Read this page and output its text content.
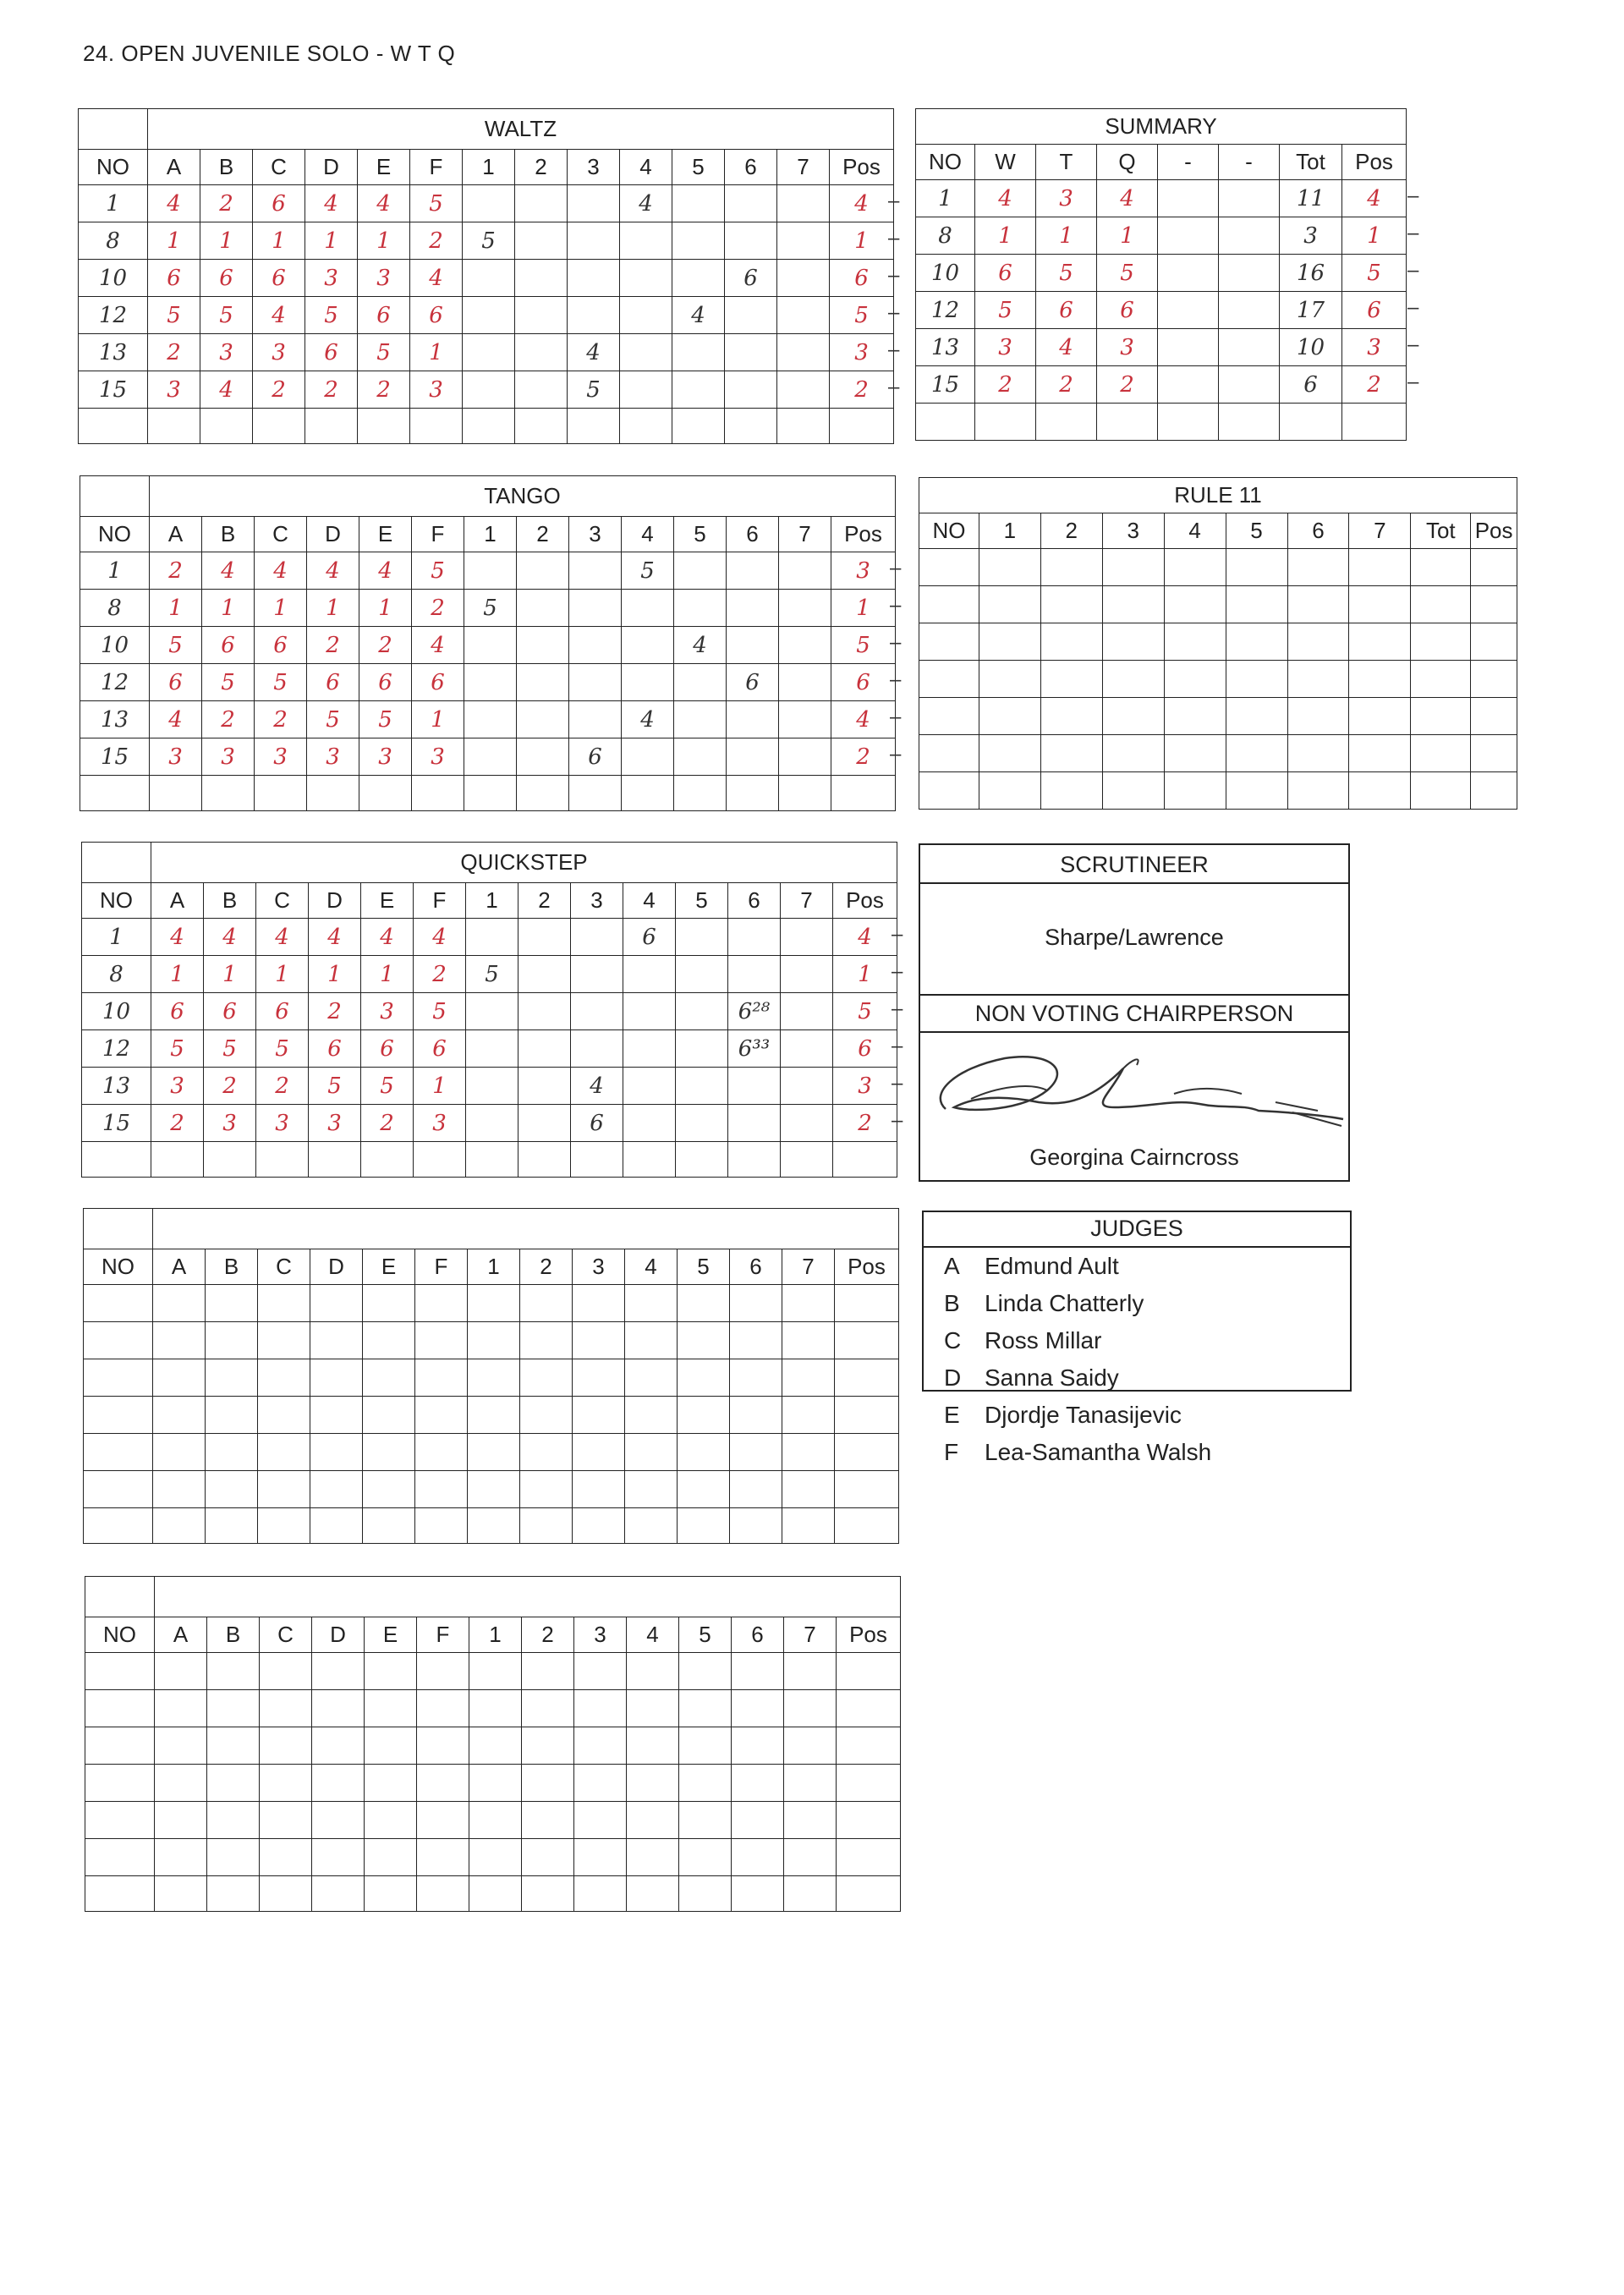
24. OPEN JUVENILE SOLO - W T Q
	WALTZ													
NO	A	B	C	D	E	F	1	2	3	4	5	6	7	Pos
1	4	2	6	4	4	5				4				4
8	1	1	1	1	1	2	5							1
10	6	6	6	3	3	4						6		6
12	5	5	4	5	6	6					4			5
13	2	3	3	6	5	1			4					3
15	3	4	2	2	2	3			5					2

	TANGO													
NO	A	B	C	D	E	F	1	2	3	4	5	6	7	Pos
1	2	4	4	4	4	5				5				3
8	1	1	1	1	1	2	5							1
10	5	6	6	2	2	4					4			5
12	6	5	5	6	6	6						6		6
13	4	2	2	5	5	1				4				4
15	3	3	3	3	3	3			6					2

	QUICKSTEP													
NO	A	B	C	D	E	F	1	2	3	4	5	6	7	Pos
1	4	4	4	4	4	4				6				4
8	1	1	1	1	1	2	5							1
10	6	6	6	2	3	5						6²⁸		5
12	5	5	5	6	6	6						6³³		6
13	3	2	2	5	5	1			4					3
15	2	3	3	3	2	3			6					2

NO	A	B	C	D	E	F	1	2	3	4	5	6	7	Pos

NO	A	B	C	D	E	F	1	2	3	4	5	6	7	Pos

SUMMARY							
NO	W	T	Q	-	-	Tot	Pos
1	4	3	4			11	4
8	1	1	1			3	1
10	6	5	5			16	5
12	5	6	6			17	6
13	3	4	3			10	3
15	2	2	2			6	2

RULE 11									
NO	1	2	3	4	5	6	7	Tot	Pos

SCRUTINEER
Sharpe/Lawrence
NON VOTING CHAIRPERSON
Georgina Cairncross
JUDGES
A Edmund Ault
B Linda Chatterly
C Ross Millar
D Sanna Saidy
E Djordje Tanasijevic
F Lea-Samantha Walsh
–
–
–
–
–
–
–
–
–
–
–
–
–
–
–
–
–
–
–
–
–
–
–
–
